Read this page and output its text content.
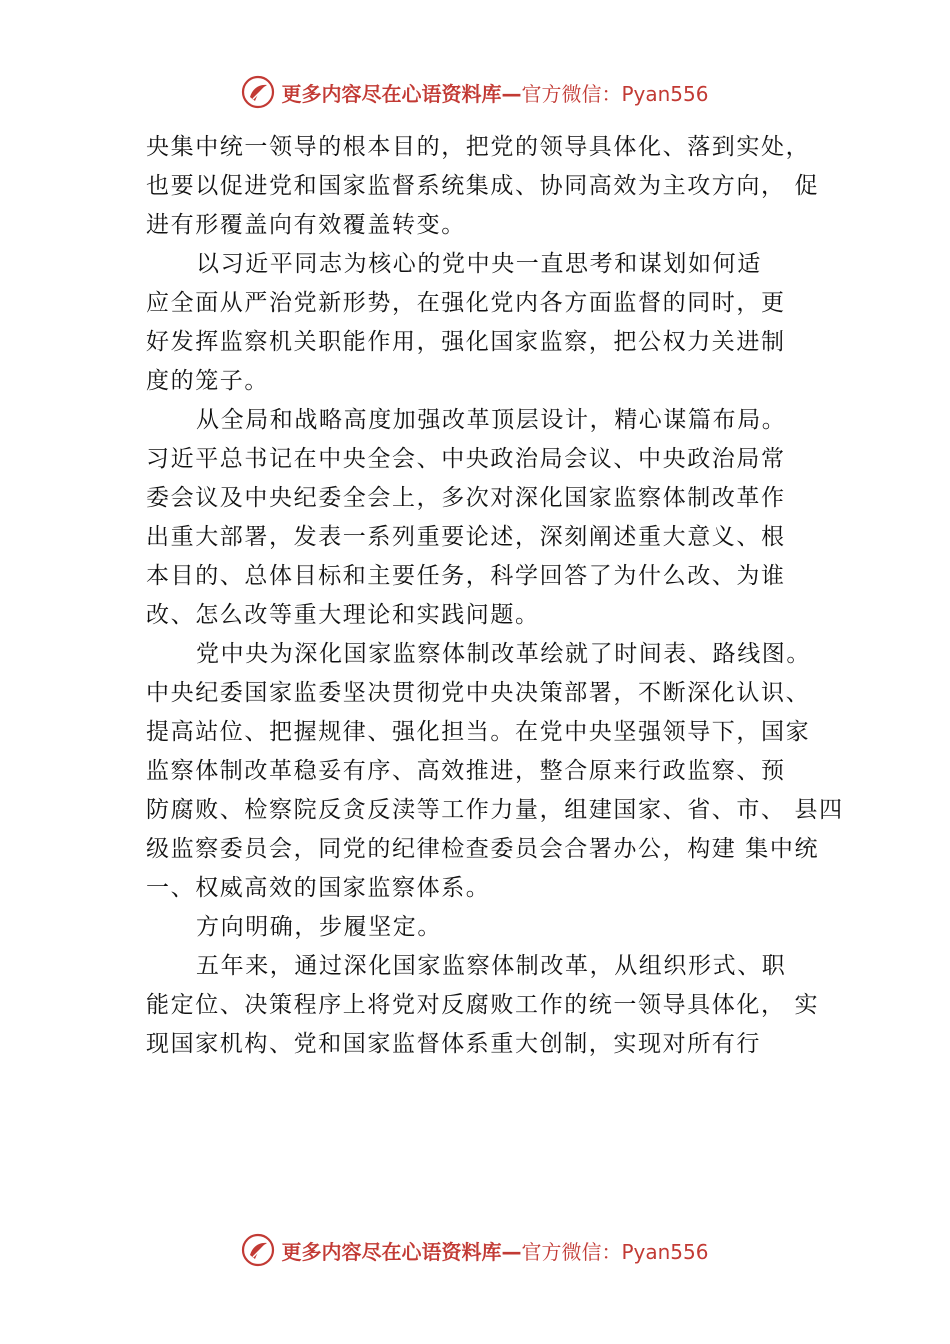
更多内容尽在心语资料库—官方微信：Pyan556
央集中统一领导的根本目的，把党的领导具体化、落到实处，
也要以促进党和国家监督系统集成、协同高效为主攻方向， 促
进有形覆盖向有效覆盖转变。
以习近平同志为核心的党中央一直思考和谋划如何适
应全面从严治党新形势，在强化党内各方面监督的同时，更
好发挥监察机关职能作用，强化国家监察，把公权力关进制
度的笼子。
从全局和战略高度加强改革顶层设计，精心谋篇布局。
习近平总书记在中央全会、中央政治局会议、中央政治局常
委会议及中央纪委全会上，多次对深化国家监察体制改革作
出重大部署，发表一系列重要论述，深刻阐述重大意义、根
本目的、总体目标和主要任务，科学回答了为什么改、为谁
改、怎么改等重大理论和实践问题。
党中央为深化国家监察体制改革绘就了时间表、路线图。
中央纪委国家监委坚决贯彻党中央决策部署，不断深化认识、
提高站位、把握规律、强化担当。在党中央坚强领导下，国家
监察体制改革稳妥有序、高效推进，整合原来行政监察、预
防腐败、检察院反贪反渎等工作力量，组建国家、省、市、 县四
级监察委员会，同党的纪律检查委员会合署办公，构建 集中统
一、权威高效的国家监察体系。
方向明确，步履坚定。
五年来，通过深化国家监察体制改革，从组织形式、职
能定位、决策程序上将党对反腐败工作的统一领导具体化， 实
现国家机构、党和国家监督体系重大创制，实现对所有行
更多内容尽在心语资料库—官方微信：Pyan556
